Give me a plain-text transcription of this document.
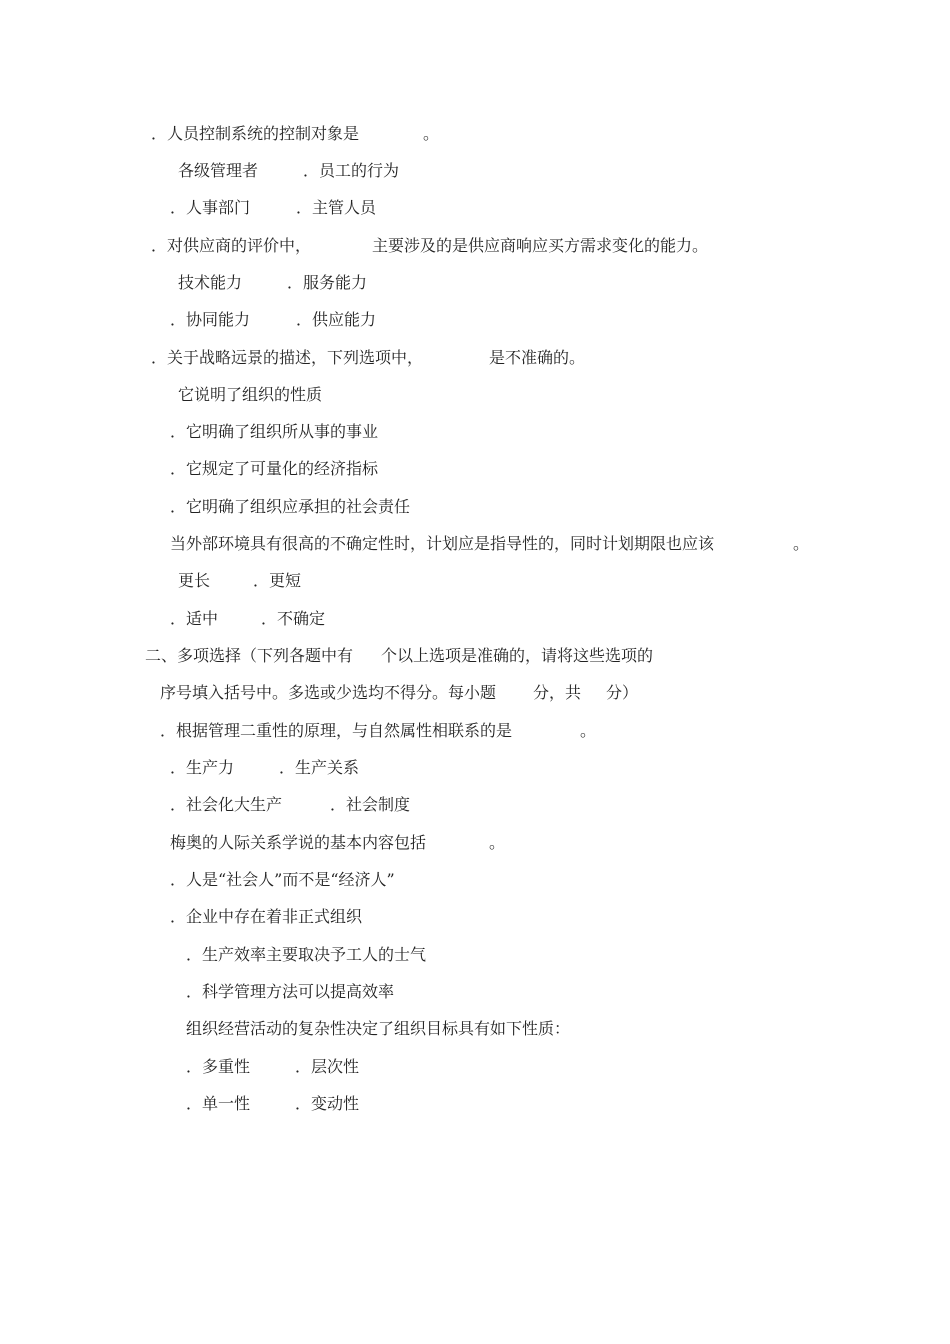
．人员控制系统的控制对象是	。
各级管理者	．员工的行为
．人事部门	．主管人员
．对供应商的评价中，	主要涉及的是供应商响应买方需求变化的能力。
技术能力	．服务能力
．协同能力	．供应能力
．关于战略远景的描述，下列选项中，	是不准确的。
它说明了组织的性质
．它明确了组织所从事的事业
．它规定了可量化的经济指标
．它明确了组织应承担的社会责任
当外部环境具有很高的不确定性时，计划应是指导性的，同时计划期限也应该	。
更长	．更短
．适中	．不确定
二、多项选择（下列各题中有 个以上选项是准确的，请将这些选项的
序号填入括号中。多选或少选均不得分。每小题 分，共 分）
．根据管理二重性的原理，与自然属性相联系的是	。
．生产力	．生产关系
．社会化大生产	．社会制度
梅奥的人际关系学说的基本内容包括	。
．人是“社会人”而不是“经济人”
．企业中存在着非正式组织
．生产效率主要取决予工人的士气
．科学管理方法可以提高效率
组织经营活动的复杂性决定了组织目标具有如下性质：
．多重性	．层次性
．单一性	．变动性
